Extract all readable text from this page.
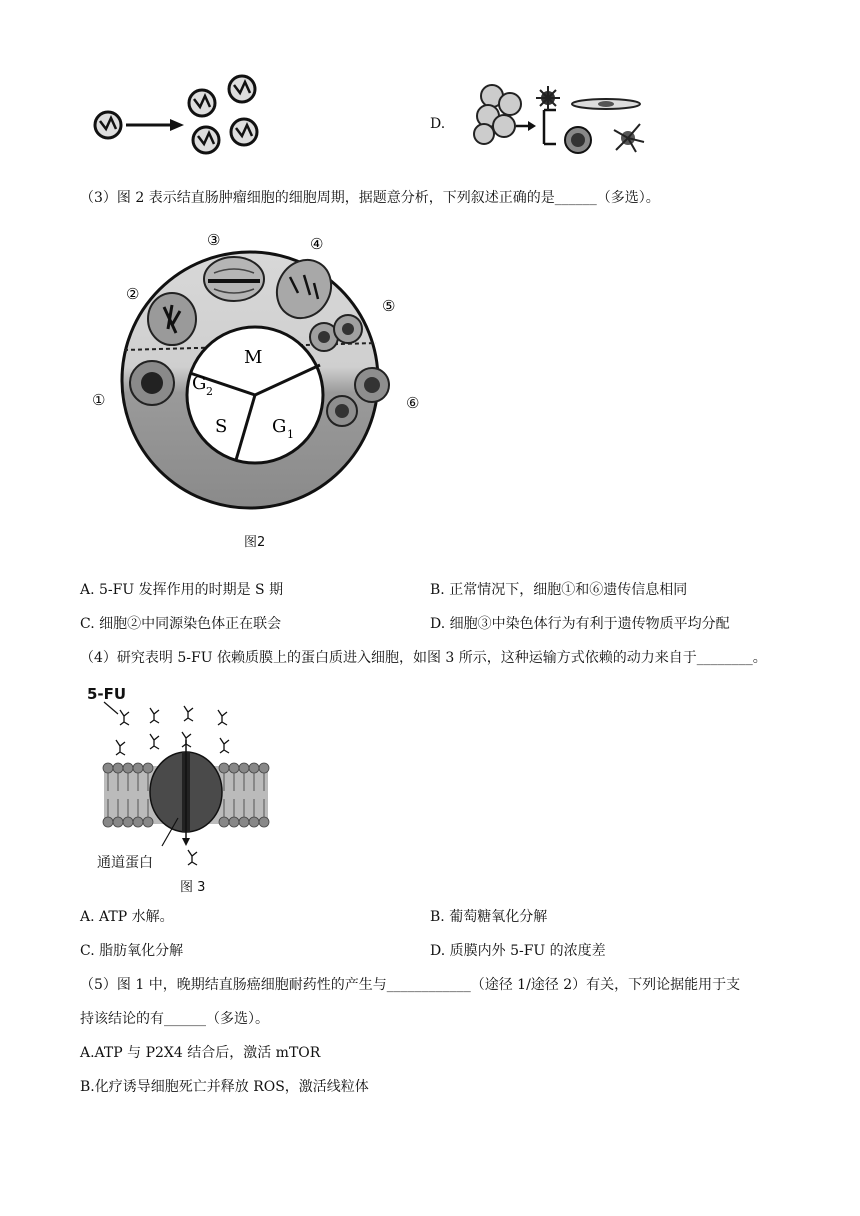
D.
（3）图 2 表示结直肠肿瘤细胞的细胞周期，据题意分析，下列叙述正确的是______（多选）。
M
G 2
S G 1
②
③	④
⑤
①	⑥
图2
A. 5-FU 发挥作用的时期是 S 期	B. 正常情况下，细胞①和⑥遗传信息相同
C. 细胞②中同源染色体正在联会	D. 细胞③中染色体行为有利于遗传物质平均分配
（4）研究表明 5-FU 依赖质膜上的蛋白质进入细胞，如图 3 所示，这种运输方式依赖的动力来自于________。
5-FU
通道蛋白
图 3
A. ATP 水解。	B. 葡萄糖氧化分解
C. 脂肪氧化分解	D. 质膜内外 5-FU 的浓度差
（5）图 1 中，晚期结直肠癌细胞耐药性的产生与____________（途径 1/途径 2）有关，下列论据能用于支
持该结论的有______（多选）。
A.ATP 与 P2X4 结合后，激活 mTOR
B.化疗诱导细胞死亡并释放 ROS，激活线粒体
